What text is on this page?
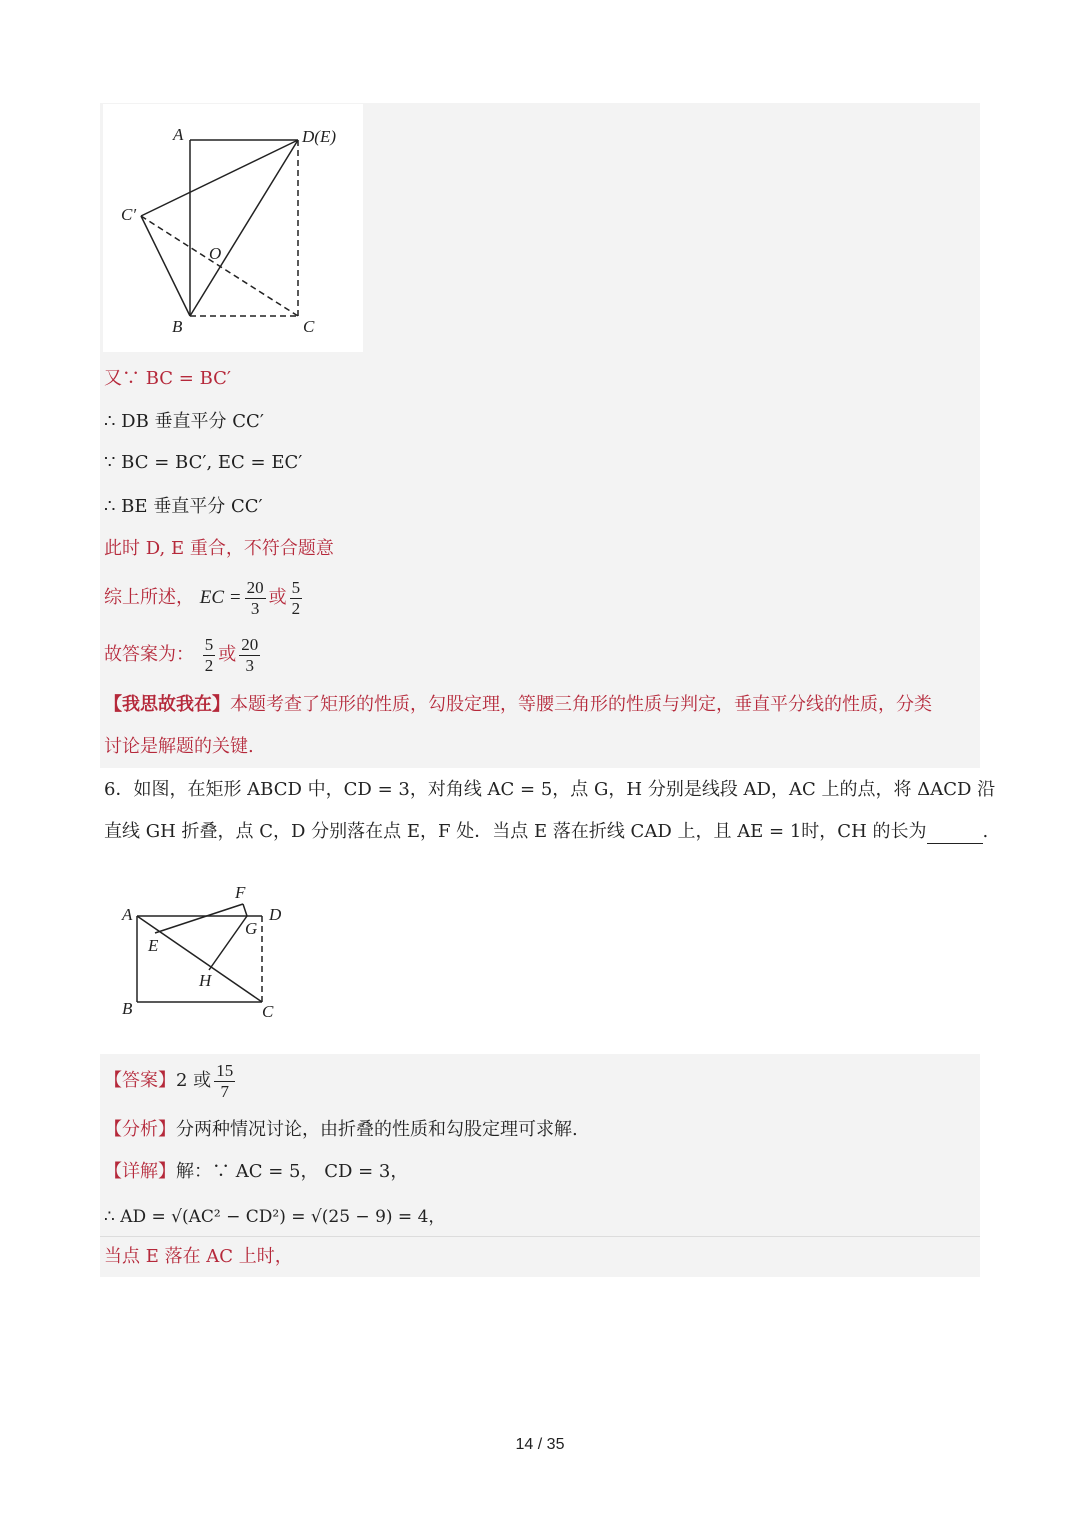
A	D(E)
C′
O
B	C
又∵ BC = BC′
∴ DB 垂直平分 CC′
∵ BC = BC′, EC = EC′
∴ BE 垂直平分 CC′
此时 D, E 重合，不符合题意
综上所述， EC = $\frac{20}{3}$ 或 $\frac{5}{2}$
故答案为： $\frac{5}{2}$ 或 $\frac{20}{3}$
【我思故我在】本题考查了矩形的性质，勾股定理，等腰三角形的性质与判定，垂直平分线的性质，分类
讨论是解题的关键.
6．如图，在矩形 ABCD 中，CD = 3，对角线 AC = 5，点 G，H 分别是线段 AD，AC 上的点，将 ΔACD 沿
直线 GH 折叠，点 C，D 分别落在点 E，F 处．当点 E 落在折线 CAD 上，且 AE = 1时，CH 的长为	.
A
B	C
D
E
F
G
H
【答案】2 或 $\frac{15}{7}$
【分析】分两种情况讨论，由折叠的性质和勾股定理可求解.
【详解】解：∵ AC = 5， CD = 3，
∴ AD = √(AC² − CD²) = √(25 − 9) = 4，
当点 E 落在 AC 上时，
14 / 35
